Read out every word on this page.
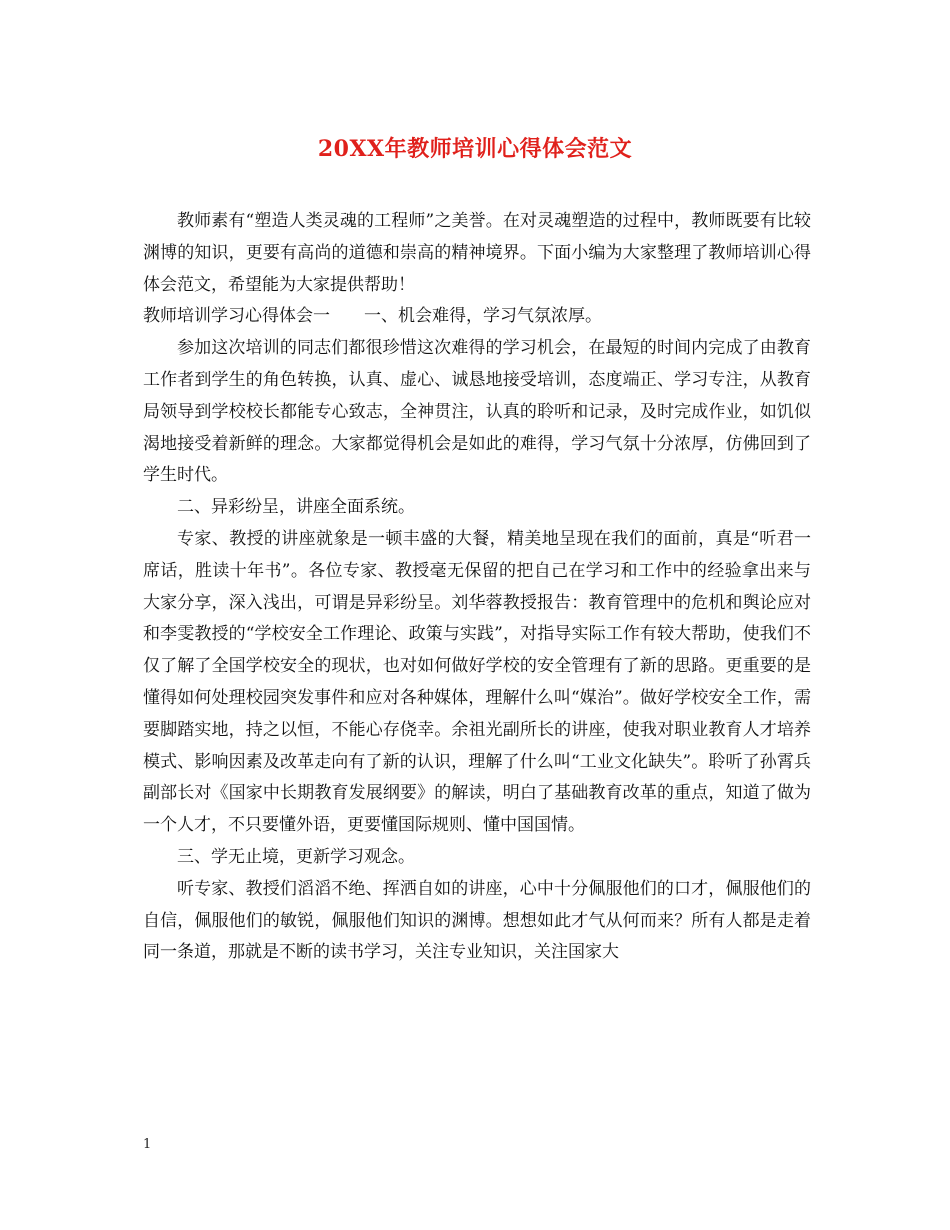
20XX年教师培训心得体会范文

教师素有“塑造人类灵魂的工程师”之美誉。在对灵魂塑造的过程中，教师既要有比较渊博的知识，更要有高尚的道德和崇高的精神境界。下面小编为大家整理了教师培训心得体会范文，希望能为大家提供帮助！

教师培训学习心得体会一　　一、机会难得，学习气氛浓厚。

参加这次培训的同志们都很珍惜这次难得的学习机会，在最短的时间内完成了由教育工作者到学生的角色转换，认真、虚心、诚恳地接受培训，态度端正、学习专注，从教育局领导到学校校长都能专心致志，全神贯注，认真的聆听和记录，及时完成作业，如饥似渴地接受着新鲜的理念。大家都觉得机会是如此的难得，学习气氛十分浓厚，仿佛回到了学生时代。

二、异彩纷呈，讲座全面系统。

专家、教授的讲座就象是一顿丰盛的大餐，精美地呈现在我们的面前，真是“听君一席话，胜读十年书”。各位专家、教授毫无保留的把自己在学习和工作中的经验拿出来与大家分享，深入浅出，可谓是异彩纷呈。刘华蓉教授报告：教育管理中的危机和舆论应对和李雯教授的“学校安全工作理论、政策与实践”，对指导实际工作有较大帮助，使我们不仅了解了全国学校安全的现状，也对如何做好学校的安全管理有了新的思路。更重要的是懂得如何处理校园突发事件和应对各种媒体，理解什么叫“媒治”。做好学校安全工作，需要脚踏实地，持之以恒，不能心存侥幸。余祖光副所长的讲座，使我对职业教育人才培养模式、影响因素及改革走向有了新的认识，理解了什么叫“工业文化缺失”。聆听了孙霄兵副部长对《国家中长期教育发展纲要》的解读，明白了基础教育改革的重点，知道了做为一个人才，不只要懂外语，更要懂国际规则、懂中国国情。

三、学无止境，更新学习观念。

听专家、教授们滔滔不绝、挥洒自如的讲座，心中十分佩服他们的口才，佩服他们的自信，佩服他们的敏锐，佩服他们知识的渊博。想想如此才气从何而来？所有人都是走着同一条道，那就是不断的读书学习，关注专业知识，关注国家大

1
